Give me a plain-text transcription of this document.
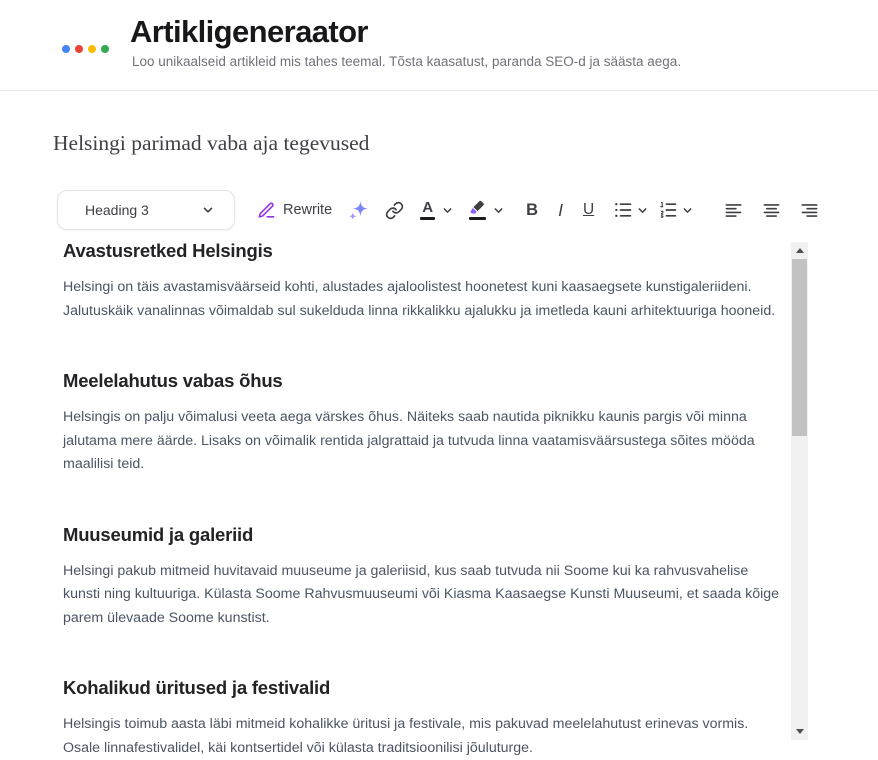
Artikligeneraator

Loo unikaalseid artikleid mis tahes teemal. Tõsta kaasatust, paranda SEO-d ja säästa aega.

Helsingi parimad vaba aja tegevused
Heading 3	Rewrite	A	B I U
Avastusretked Helsingis

Helsingi on täis avastamisväärseid kohti, alustades ajaloolistest hoonetest kuni kaasaegsete kunstigaleriideni. Jalutuskäik vanalinnas võimaldab sul sukelduda linna rikkalikku ajalukku ja imetleda kauni arhitektuuriga hooneid.

Meelelahutus vabas õhus

Helsingis on palju võimalusi veeta aega värskes õhus. Näiteks saab nautida piknikku kaunis pargis või minna jalutama mere äärde. Lisaks on võimalik rentida jalgrattaid ja tutvuda linna vaatamisväärsustega sõites mööda maalilisi teid.

Muuseumid ja galeriid

Helsingi pakub mitmeid huvitavaid muuseume ja galeriisid, kus saab tutvuda nii Soome kui ka rahvusvahelise kunsti ning kultuuriga. Külasta Soome Rahvusmuuseumi või Kiasma Kaasaegse Kunsti Muuseumi, et saada kõige parem ülevaade Soome kunstist.

Kohalikud üritused ja festivalid

Helsingis toimub aasta läbi mitmeid kohalikke üritusi ja festivale, mis pakuvad meelelahutust erinevas vormis. Osale linnafestivalidel, käi kontsertidel või külasta traditsioonilisi jõuluturge.
